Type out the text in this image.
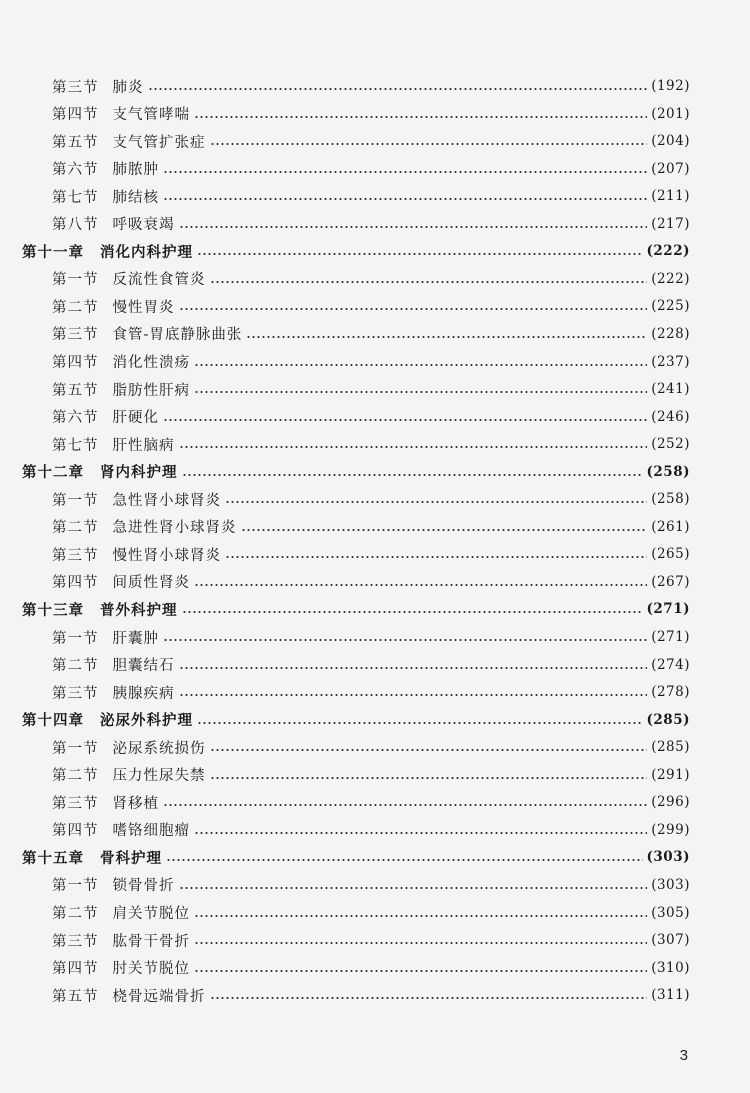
第三节 肺炎	(192)
第四节 支气管哮喘	(201)
第五节 支气管扩张症	(204)
第六节 肺脓肿	(207)
第七节 肺结核	(211)
第八节 呼吸衰竭	(217)
第十一章 消化内科护理	(222)
第一节 反流性食管炎	(222)
第二节 慢性胃炎	(225)
第三节 食管-胃底静脉曲张	(228)
第四节 消化性溃疡	(237)
第五节 脂肪性肝病	(241)
第六节 肝硬化	(246)
第七节 肝性脑病	(252)
第十二章 肾内科护理	(258)
第一节 急性肾小球肾炎	(258)
第二节 急进性肾小球肾炎	(261)
第三节 慢性肾小球肾炎	(265)
第四节 间质性肾炎	(267)
第十三章 普外科护理	(271)
第一节 肝囊肿	(271)
第二节 胆囊结石	(274)
第三节 胰腺疾病	(278)
第十四章 泌尿外科护理	(285)
第一节 泌尿系统损伤	(285)
第二节 压力性尿失禁	(291)
第三节 肾移植	(296)
第四节 嗜铬细胞瘤	(299)
第十五章 骨科护理	(303)
第一节 锁骨骨折	(303)
第二节 肩关节脱位	(305)
第三节 肱骨干骨折	(307)
第四节 肘关节脱位	(310)
第五节 桡骨远端骨折	(311)
3
